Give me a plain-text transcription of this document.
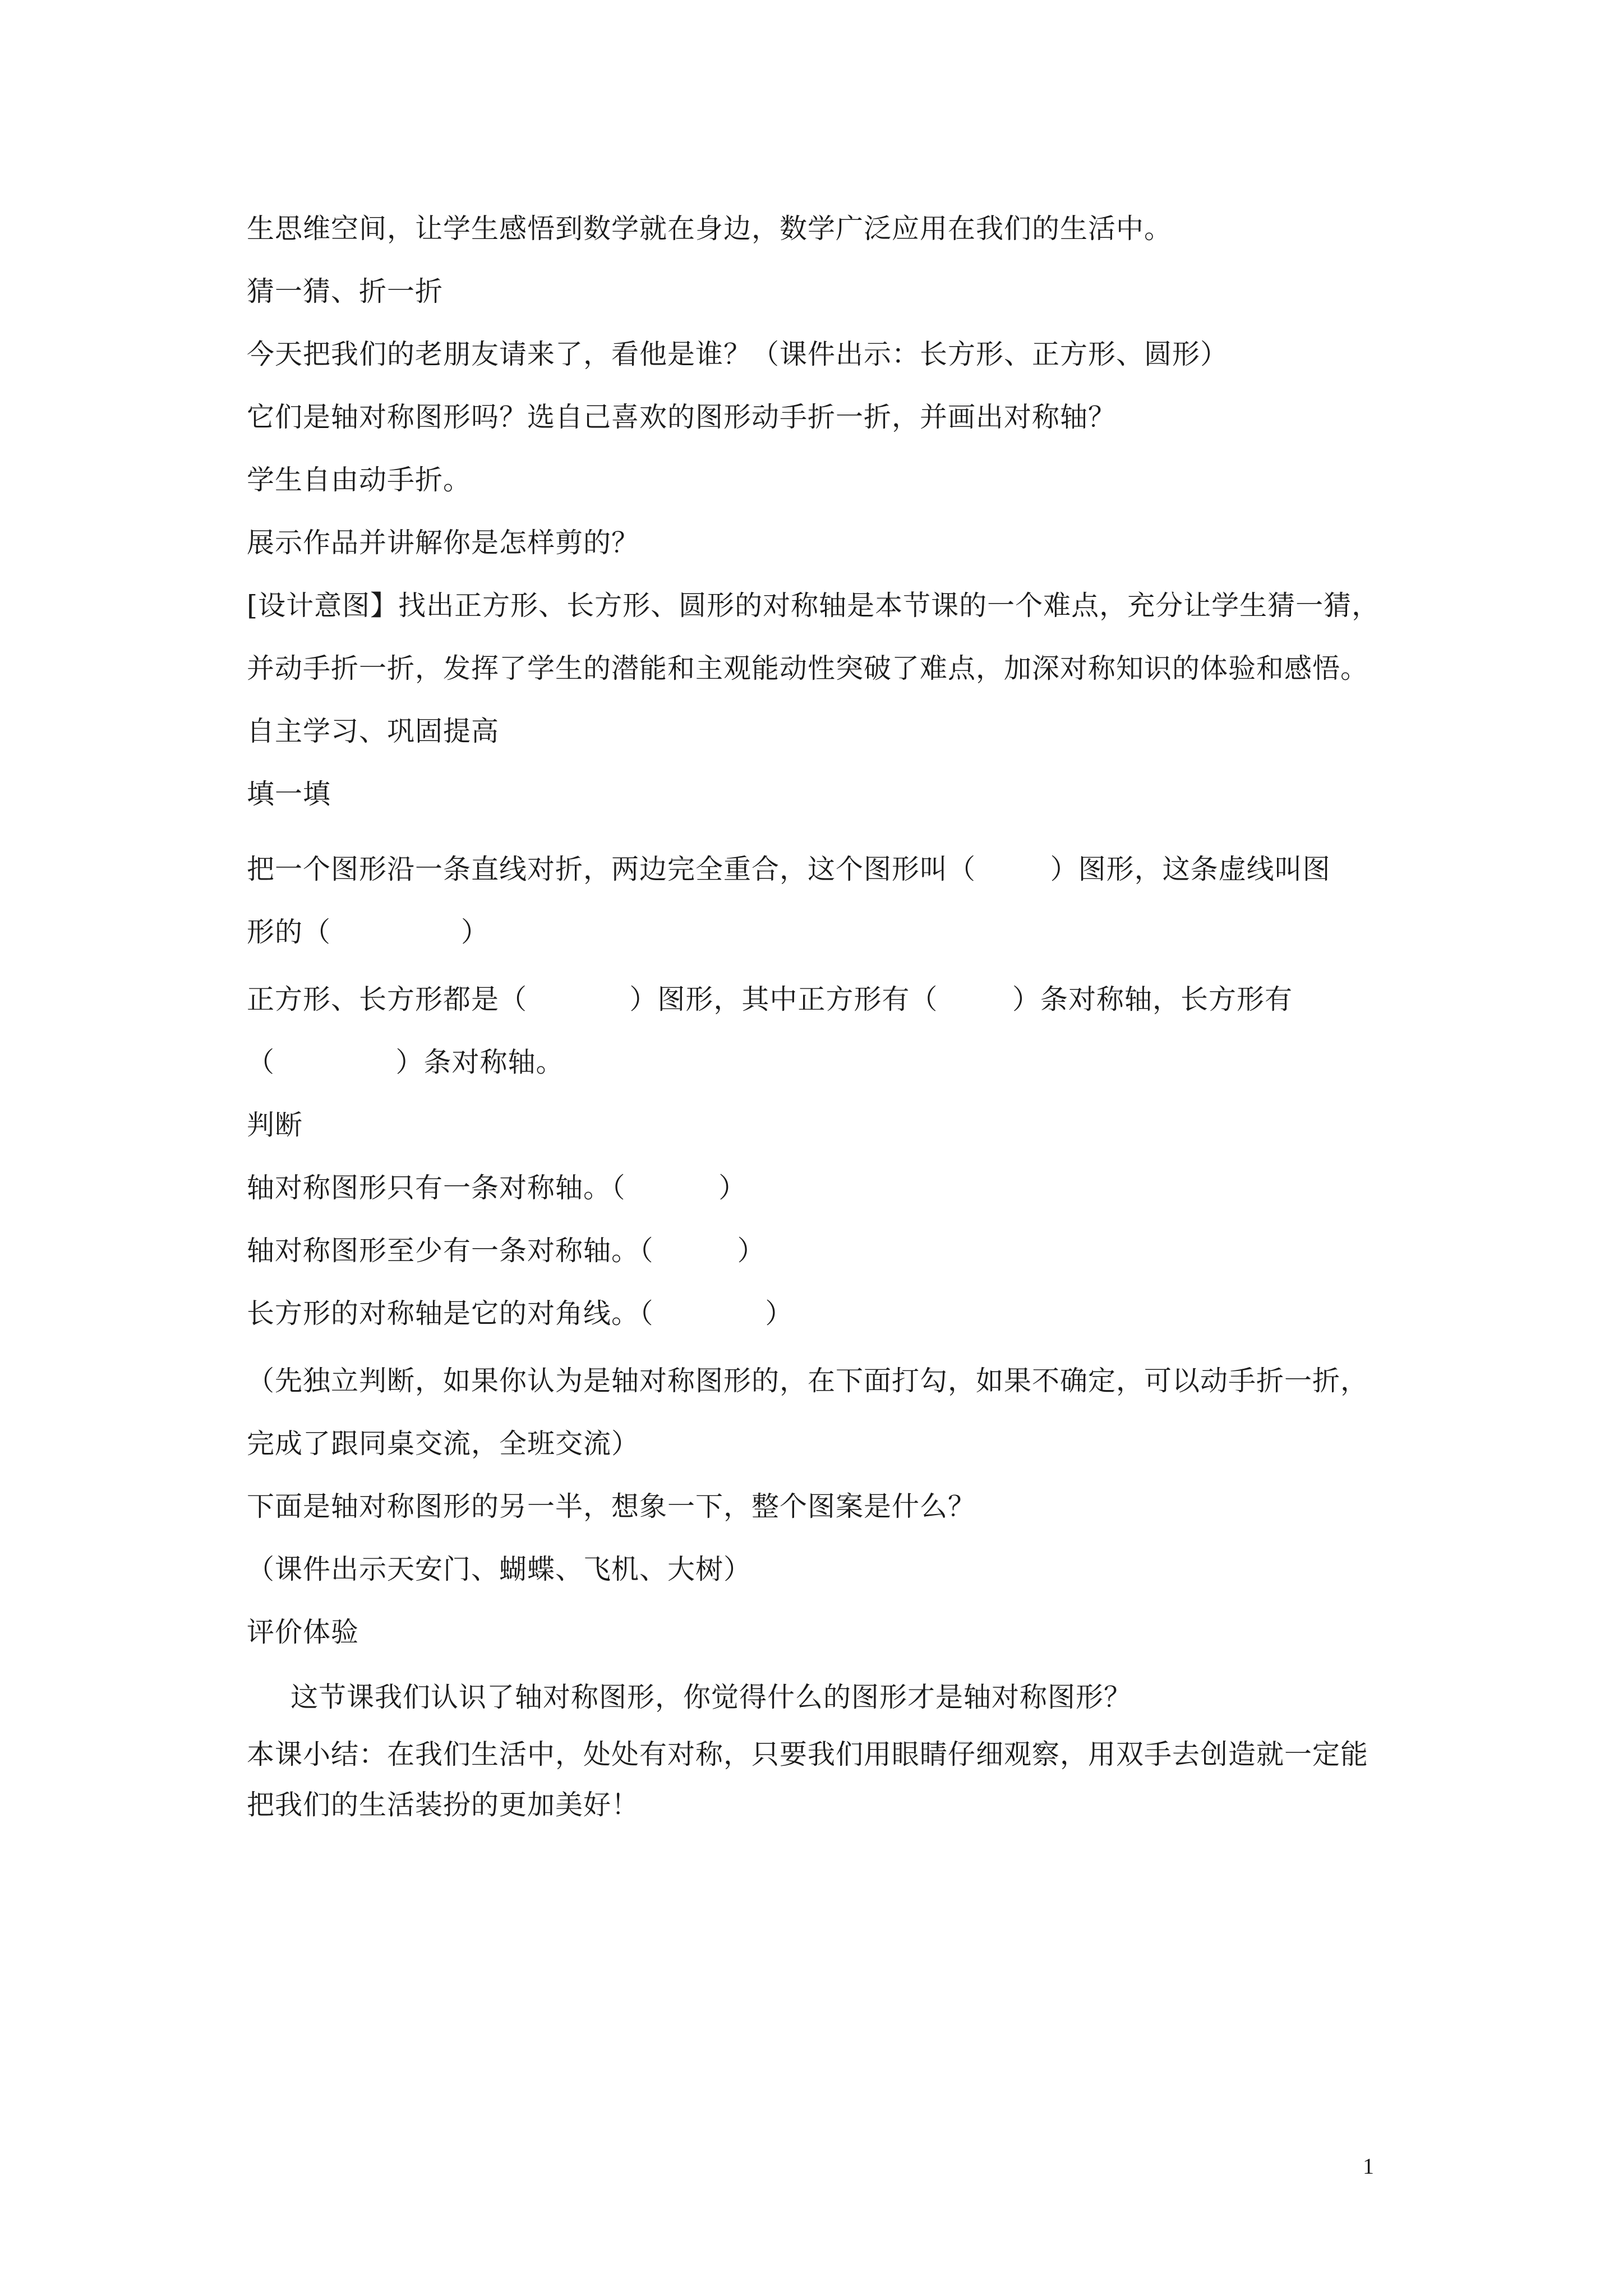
生思维空间，让学生感悟到数学就在身边，数学广泛应用在我们的生活中。
猜一猜、折一折
今天把我们的老朋友请来了，看他是谁？（课件出示：长方形、正方形、圆形）
它们是轴对称图形吗？选自己喜欢的图形动手折一折，并画出对称轴？
学生自由动手折。
展示作品并讲解你是怎样剪的？
[设计意图】找出正方形、长方形、圆形的对称轴是本节课的一个难点，充分让学生猜一猜，
并动手折一折，发挥了学生的潜能和主观能动性突破了难点，加深对称知识的体验和感悟。
自主学习、巩固提高
填一填
把一个图形沿一条直线对折，两边完全重合，这个图形叫（        ）图形，这条虚线叫图
形的（              ）
正方形、长方形都是（           ）图形，其中正方形有（        ）条对称轴，长方形有
（             ）条对称轴。
判断
轴对称图形只有一条对称轴。（          ）
轴对称图形至少有一条对称轴。（         ）
长方形的对称轴是它的对角线。（            ）
（先独立判断，如果你认为是轴对称图形的，在下面打勾，如果不确定，可以动手折一折，
完成了跟同桌交流，全班交流）
下面是轴对称图形的另一半，想象一下，整个图案是什么？
（课件出示天安门、蝴蝶、飞机、大树）
评价体验
这节课我们认识了轴对称图形，你觉得什么的图形才是轴对称图形？
本课小结：在我们生活中，处处有对称，只要我们用眼睛仔细观察，用双手去创造就一定能
把我们的生活装扮的更加美好！
1
